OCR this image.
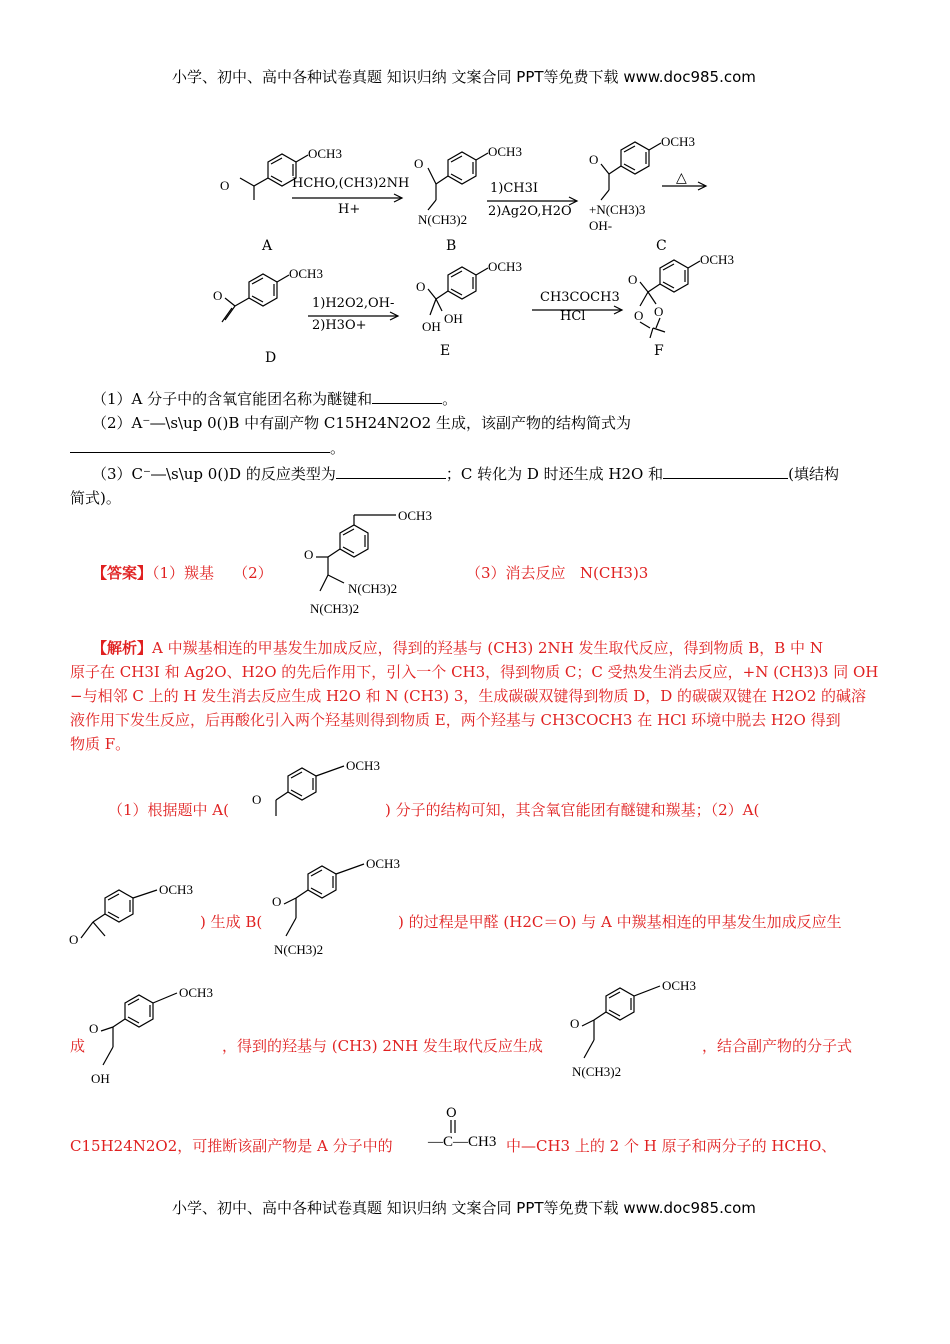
小学、初中、高中各种试卷真题 知识归纳 文案合同 PPT等免费下载 www.doc985.com
小学、初中、高中各种试卷真题 知识归纳 文案合同 PPT等免费下载 www.doc985.com
OCH3
O
A
HCHO,(CH3)2NH
H+
OCH3
O
N(CH3)2
B
1)CH3I
2)Ag2O,H2O
OCH3
O
+N(CH3)3
OH-
C
△
OCH3
O
D
1)H2O2,OH-
2)H3O+
OCH3
O
OH
OH
E
CH3COCH3
HCl
OCH3
O
O
O
F
（1）A 分子中的含氧官能团名称为醚键和	。
（2）A⁻―\s\up 0()B 中有副产物 C15H24N2O2 生成，该副产物的结构简式为
。
（3）C⁻―\s\up 0()D 的反应类型为	；C 转化为 D 时还生成 H2O 和	(填结构
简式)。
【答案】（1）羰基 （2）
OCH3
O
N(CH3)2
N(CH3)2
（3）消去反应 N(CH3)3
【解析】A 中羰基相连的甲基发生加成反应，得到的羟基与 (CH3) 2NH 发生取代反应，得到物质 B，B 中 N
原子在 CH3I 和 Ag2O、H2O 的先后作用下，引入一个 CH3，得到物质 C；C 受热发生消去反应，+N (CH3)3 同 OH
−与相邻 C 上的 H 发生消去反应生成 H2O 和 N (CH3) 3，生成碳碳双键得到物质 D，D 的碳碳双键在 H2O2 的碱溶
液作用下发生反应，后再酸化引入两个羟基则得到物质 E，两个羟基与 CH3COCH3 在 HCl 环境中脱去 H2O 得到
物质 F。
（1）根据题中 A(
OCH3
O
) 分子的结构可知，其含氧官能团有醚键和羰基；（2）A(
OCH3
O
) 生成 B(
OCH3
O
N(CH3)2
) 的过程是甲醛 (H2C＝O) 与 A 中羰基相连的甲基发生加成反应生
成
OCH3
O
OH
，得到的羟基与 (CH3) 2NH 发生取代反应生成
OCH3
O
N(CH3)2
，结合副产物的分子式
C15H24N2O2，可推断该副产物是 A 分子中的
O
—C—CH3 中—CH3 上的 2 个 H 原子和两分子的 HCHO、
